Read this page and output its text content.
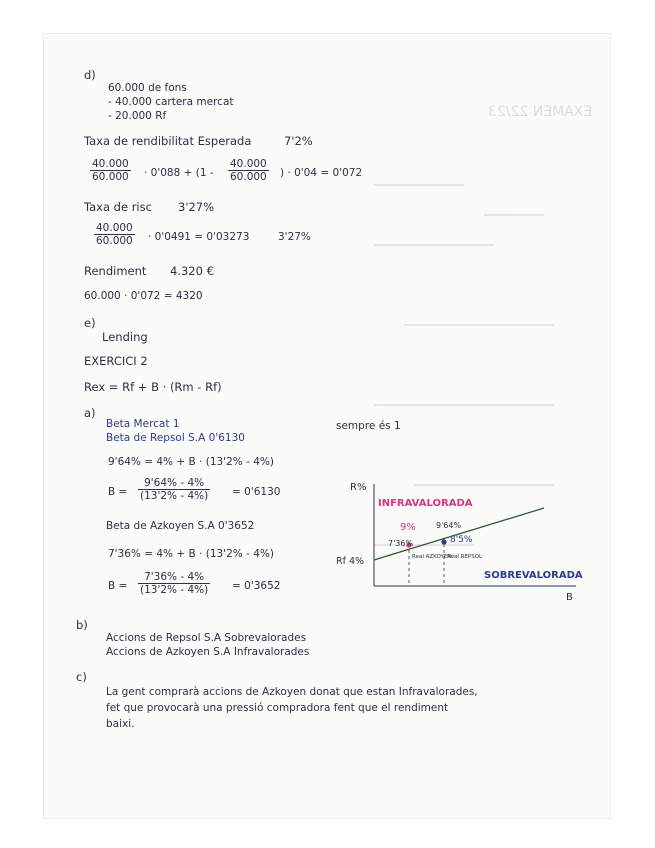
EXAMEN 22/23
d)
60.000 de fons
- 40.000 cartera mercat
- 20.000 Rf
Taxa de rendibilitat Esperada	7'2%
$\frac{40.000}{60.000} \cdot 0'088 + (1 - \frac{40.000}{60.000}$ ) · 0'04 = 0'072
Taxa de risc 3'27%
$\frac{40.000}{60.000} \cdot 0'0491 = 0'03273$	3'27%
Rendiment 4.320 €
60.000 · 0'072 = 4320
e)
Lending
EXERCICI 2
Rex = Rf + B · (Rm - Rf)
a)
Beta Mercat 1	sempre és 1
Beta de Repsol S.A 0'6130
9'64% = 4% + B · (13'2% - 4%)
$B = \frac{9'64\% - 4\%}{(13'2\% - 4\%)} = 0'6130$
Beta de Azkoyen S.A 0'3652
7'36% = 4% + B · (13'2% - 4%)
$B = \frac{7'36\% - 4\%}{(13'2\% - 4\%)} = 0'3652$
R%
B
Rf 4%
INFRAVALORADA
SOBREVALORADA
9%	9'64%
7'36%	8'5%
Real AZKOYEN
Real REPSOL
b)
Accions de Repsol S.A Sobrevalorades
Accions de Azkoyen S.A Infravalorades
c)
La gent comprarà accions de Azkoyen donat que estan Infravalorades,
fet que provocarà una pressió compradora fent que el rendiment
baixi.
